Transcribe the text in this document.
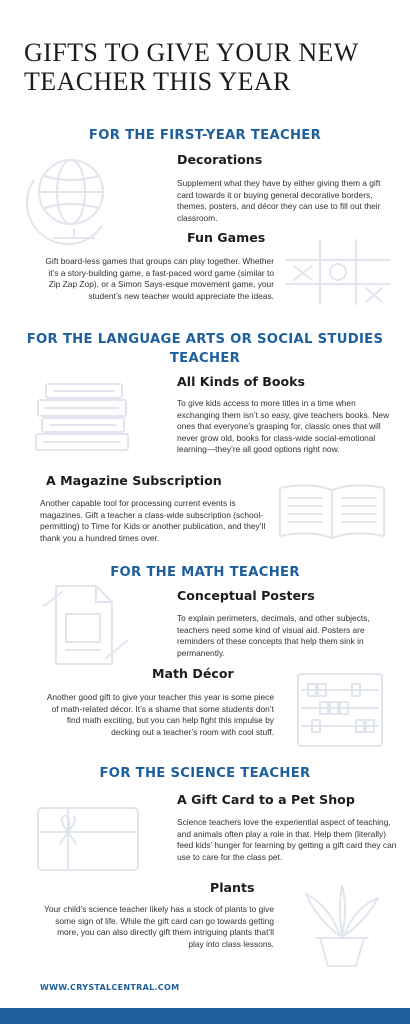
GIFTS TO GIVE YOUR NEW TEACHER THIS YEAR
FOR THE FIRST-YEAR TEACHER
Decorations

Supplement what they have by either giving them a gift card towards it or buying general decorative borders, themes, posters, and décor they can use to fill out their classroom.

Fun Games

Gift board-less games that groups can play together. Whether it’s a story-building game, a fast-paced word game (similar to Zip Zap Zop), or a Simon Says-esque movement game, your student’s new teacher would appreciate the ideas.

FOR THE LANGUAGE ARTS OR SOCIAL STUDIES TEACHER
All Kinds of Books

To give kids access to more titles in a time when exchanging them isn’t so easy, give teachers books. New ones that everyone’s grasping for, classic ones that will never grow old, books for class-wide social-emotional learning—they’re all good options right now.

A Magazine Subscription

Another capable tool for processing current events is magazines. Gift a teacher a class-wide subscription (school-permitting) to Time for Kids or another publication, and they’ll thank you a hundred times over.

FOR THE MATH TEACHER
Conceptual Posters

To explain perimeters, decimals, and other subjects, teachers need some kind of visual aid. Posters are reminders of these concepts that help them sink in permanently.

Math Décor

Another good gift to give your teacher this year is some piece of math-related décor. It’s a shame that some students don’t find math exciting, but you can help fight this impulse by decking out a teacher’s room with cool stuff.

FOR THE SCIENCE TEACHER
A Gift Card to a Pet Shop

Science teachers love the experiential aspect of teaching, and animals often play a role in that. Help them (literally) feed kids’ hunger for learning by getting a gift card they can use to care for the class pet.

Plants

Your child’s science teacher likely has a stock of plants to give some sign of life. While the gift card can go towards getting more, you can also directly gift them intriguing plants that’ll play into class lessons.

WWW.CRYSTALCENTRAL.COM
